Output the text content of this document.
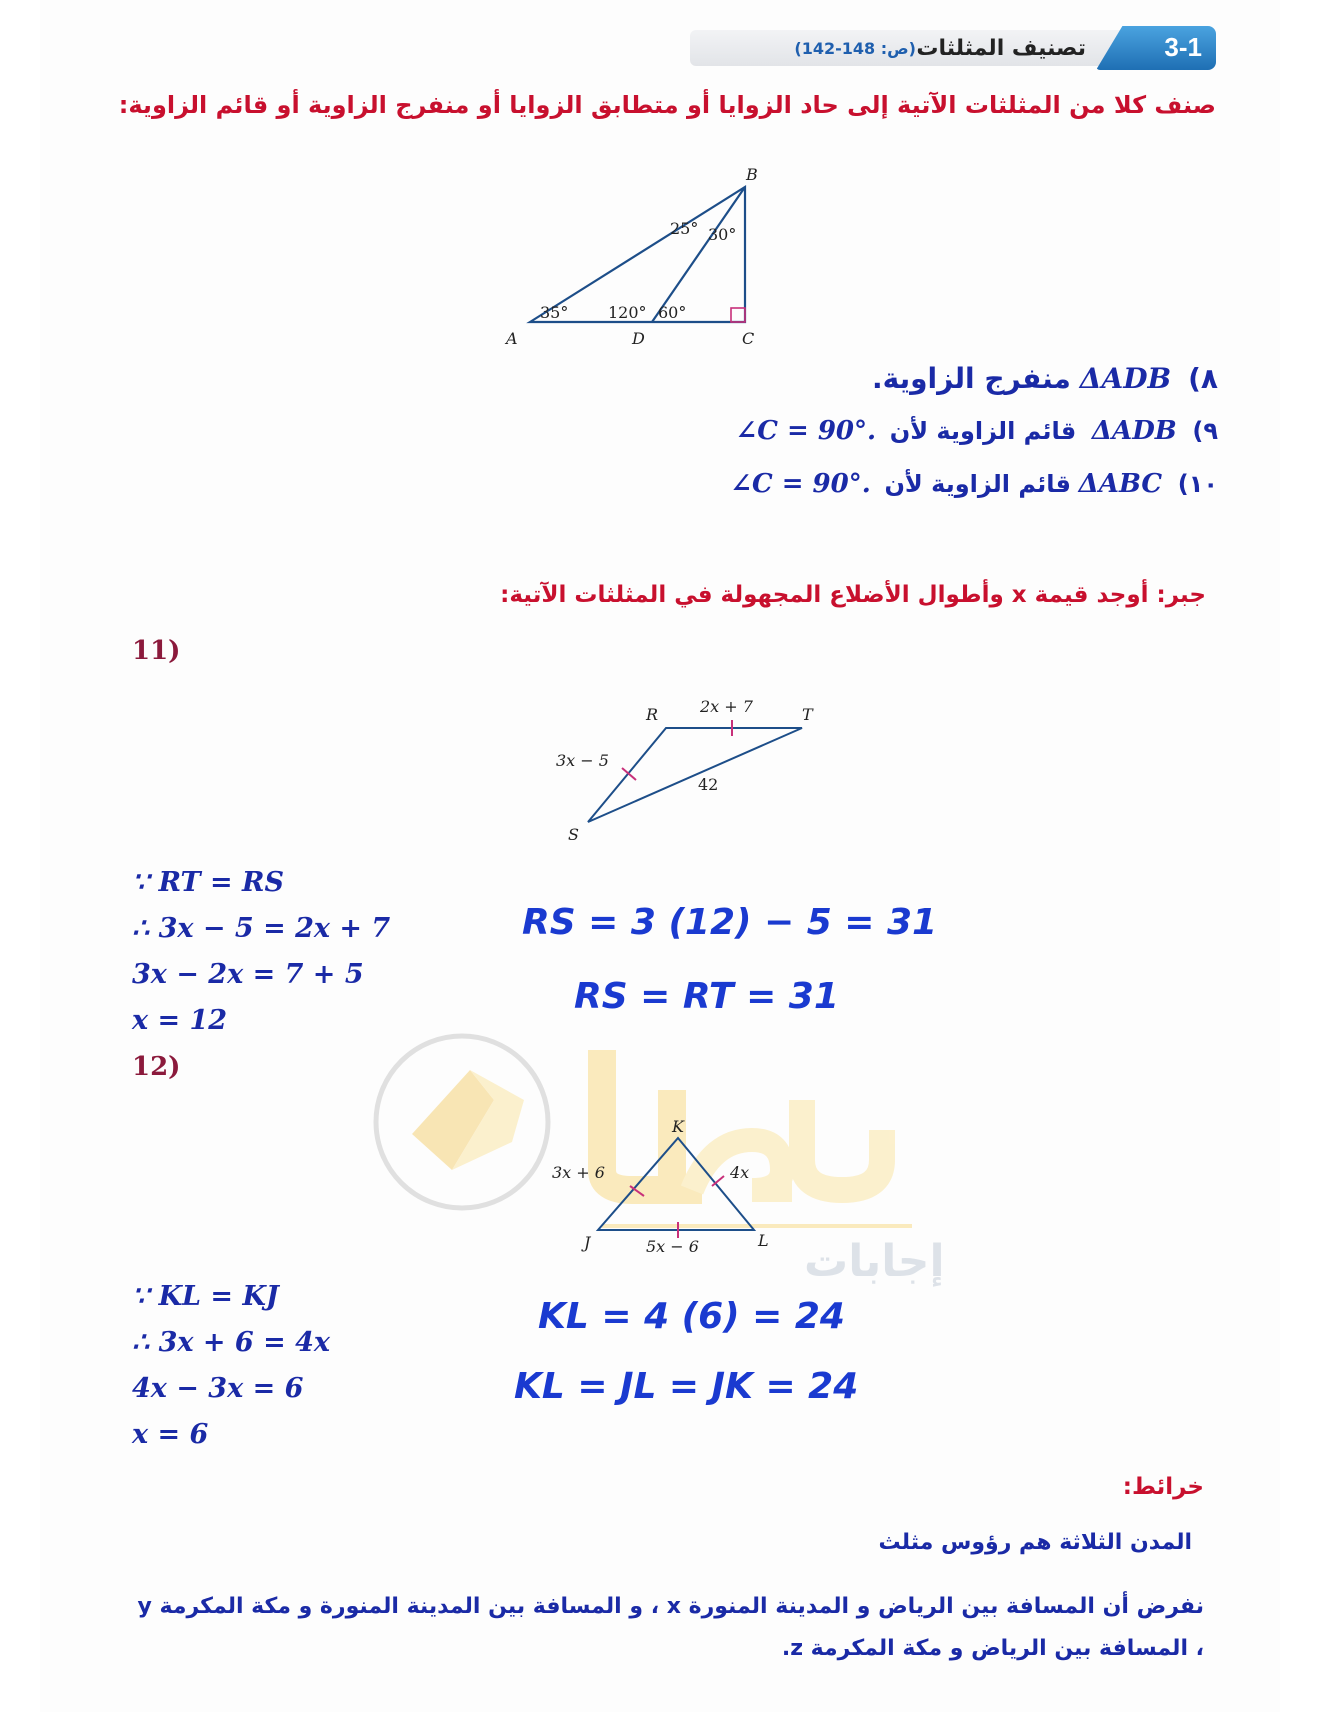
3-1
تصنيف المثلثات
(ص: 148-142)
صنف كلا من المثلثات الآتية إلى حاد الزوايا أو متطابق الزوايا أو منفرج الزاوية أو قائم الزاوية:
A
B
C
D
35°
25° 30°
120° 60°
٨) ΔADB منفرج الزاوية.
٩) ΔADB قائم الزاوية لأن ∠C = 90°.
١٠) ΔABC قائم الزاوية لأن ∠C = 90°.
جبر: أوجد قيمة x وأطوال الأضلاع المجهولة في المثلثات الآتية:
11)
R	T
S
2x + 7
3x − 5
42
∵ RT = RS
∴ 3x − 5 = 2x + 7
3x − 2x = 7 + 5
x = 12
RS = 3 (12) − 5 = 31
RS = RT = 31
إجابات
12)
K
J	L
3x + 6	4x
5x − 6
∵ KL = KJ
∴ 3x + 6 = 4x
4x − 3x = 6
x = 6
KL = 4 (6) = 24
KL = JL = JK = 24
خرائط:
المدن الثلاثة هم رؤوس مثلث
نفرض أن المسافة بين الرياض و المدينة المنورة x ، و المسافة بين المدينة المنورة و مكة المكرمة y ، المسافة بين الرياض و مكة المكرمة z.
